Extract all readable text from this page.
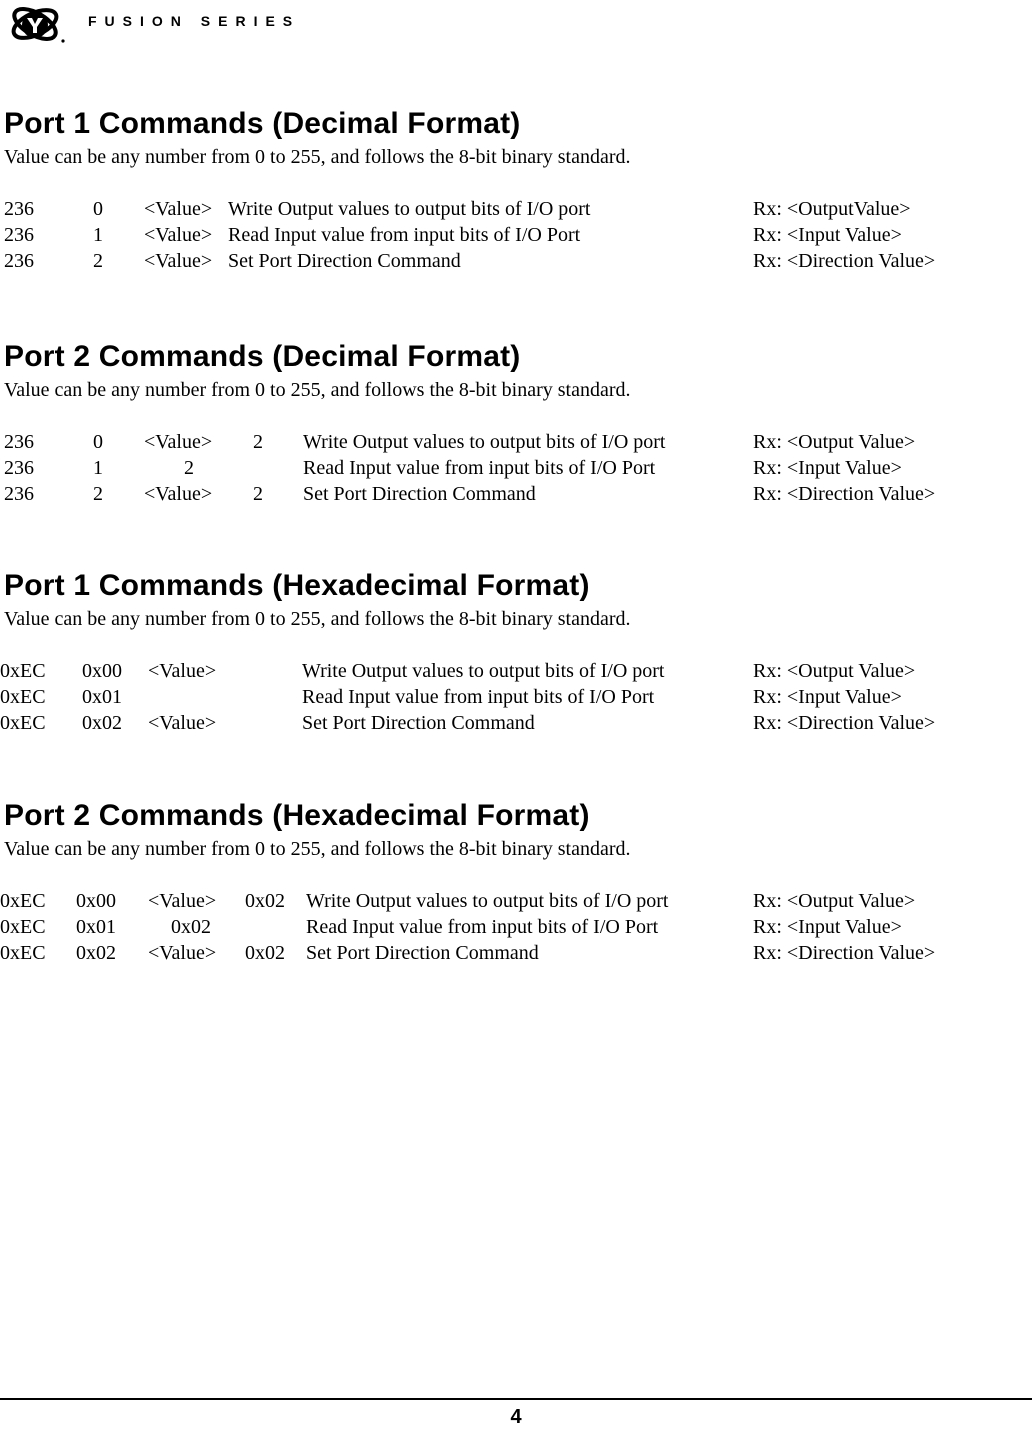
FUSION SERIES
Port 1 Commands (Decimal Format)
Value can be any number from 0 to 255, and follows the 8-bit binary standard.
236	0 <Value> Write Output values to output bits of I/O port	Rx: <OutputValue>
236	1 <Value> Read Input value from input bits of I/O Port	Rx: <Input Value>
236	2 <Value> Set Port Direction Command	Rx: <Direction Value>
Port 2 Commands (Decimal Format)
Value can be any number from 0 to 255, and follows the 8-bit binary standard.
236	0 <Value> 2 Write Output values to output bits of I/O port	Rx: <Output Value>
236	1	2	Read Input value from input bits of I/O Port	Rx: <Input Value>
236	2 <Value> 2 Set Port Direction Command	Rx: <Direction Value>
Port 1 Commands (Hexadecimal Format)
Value can be any number from 0 to 255, and follows the 8-bit binary standard.
0xEC 0x00 <Value>	Write Output values to output bits of I/O port	Rx: <Output Value>
0xEC 0x01	Read Input value from input bits of I/O Port	Rx: <Input Value>
0xEC 0x02 <Value>	Set Port Direction Command	Rx: <Direction Value>
Port 2 Commands (Hexadecimal Format)
Value can be any number from 0 to 255, and follows the 8-bit binary standard.
0xEC 0x00 <Value> 0x02 Write Output values to output bits of I/O port	Rx: <Output Value>
0xEC 0x01	0x02	Read Input value from input bits of I/O Port	Rx: <Input Value>
0xEC 0x02 <Value> 0x02 Set Port Direction Command	Rx: <Direction Value>
4
